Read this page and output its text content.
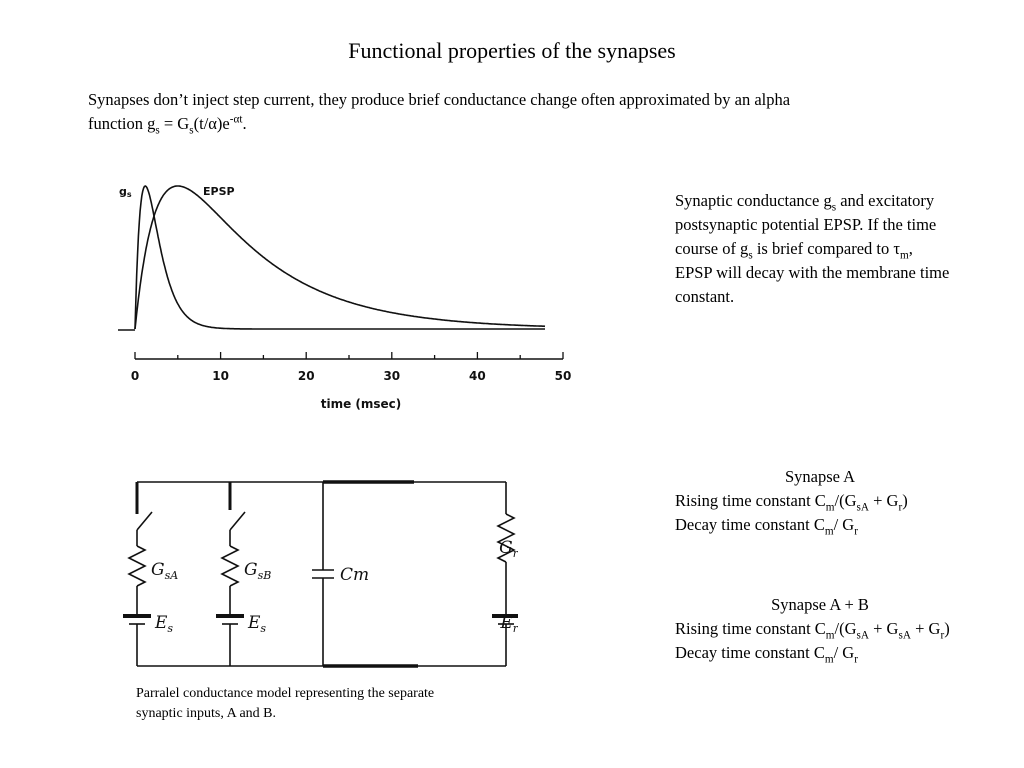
Functional properties of the synapses
Synapses don’t inject step current, they produce brief conductance change often approximated by an alpha
function $g_s = G_s(t/\alpha)e^{-\alpha t}$.
0	10	20	30	40	50
gs	EPSP
time (msec)
Synaptic conductance $g_s$ and excitatory postsynaptic potential EPSP. If the time course of $g_s$ is brief compared to $\tau_m$, EPSP will decay with the membrane time constant.
$G_{sA}$	$G_{sB}$	Cm
$G_r$
$E_s$	$E_s$	$E_r$
Parralel conductance model representing the separate synaptic inputs, A and B.
Synapse A
Rising time constant $C_m/(G_{sA} + G_r)$
Decay time constant $C_m/$ $G_r$
Synapse A + B
Rising time constant $C_m/(G_{sA} + G_{sA} + G_r)$
Decay time constant $C_m/$ $G_r$
